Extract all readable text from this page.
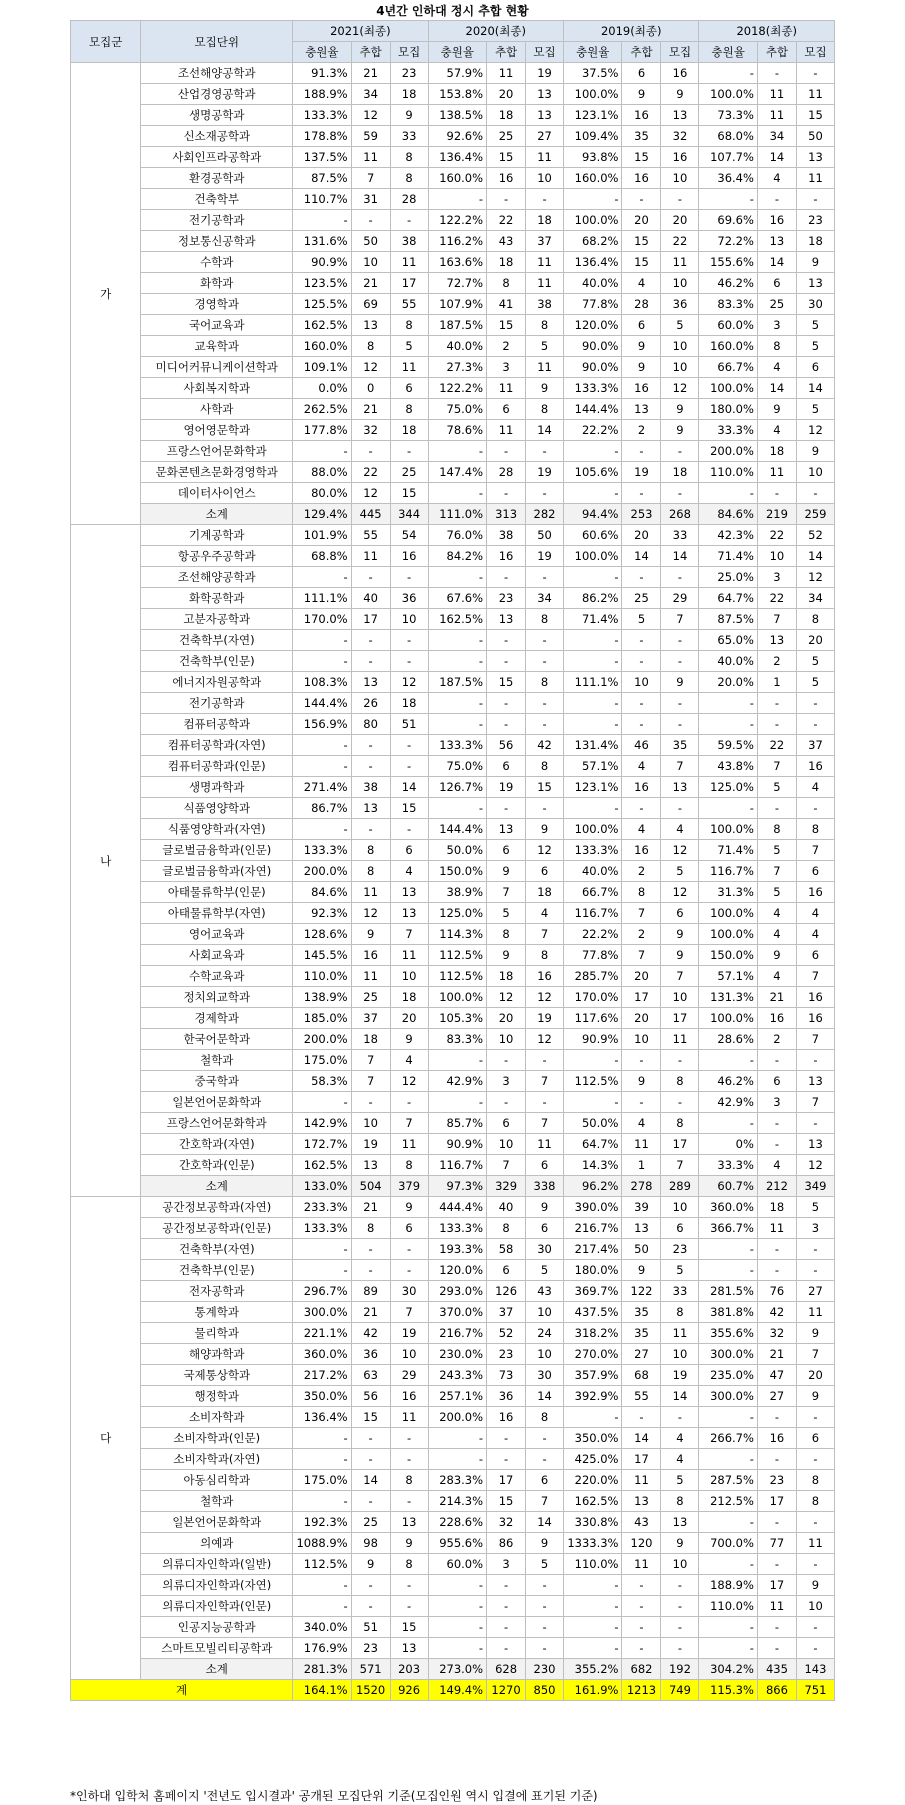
4년간 인하대 정시 추합 현황
모집군	모집단위	2021(최종)			2020(최종)			2019(최종)			2018(최종)		
		충원율	추합	모집	충원율	추합	모집	충원율	추합	모집	충원율	추합	모집
가	조선해양공학과	91.3%	21	23	57.9%	11	19	37.5%	6	16	-	-	-
	산업경영공학과	188.9%	34	18	153.8%	20	13	100.0%	9	9	100.0%	11	11
	생명공학과	133.3%	12	9	138.5%	18	13	123.1%	16	13	73.3%	11	15
	신소재공학과	178.8%	59	33	92.6%	25	27	109.4%	35	32	68.0%	34	50
	사회인프라공학과	137.5%	11	8	136.4%	15	11	93.8%	15	16	107.7%	14	13
	환경공학과	87.5%	7	8	160.0%	16	10	160.0%	16	10	36.4%	4	11
	건축학부	110.7%	31	28	-	-	-	-	-	-	-	-	-
	전기공학과	-	-	-	122.2%	22	18	100.0%	20	20	69.6%	16	23
	정보통신공학과	131.6%	50	38	116.2%	43	37	68.2%	15	22	72.2%	13	18
	수학과	90.9%	10	11	163.6%	18	11	136.4%	15	11	155.6%	14	9
	화학과	123.5%	21	17	72.7%	8	11	40.0%	4	10	46.2%	6	13
	경영학과	125.5%	69	55	107.9%	41	38	77.8%	28	36	83.3%	25	30
	국어교육과	162.5%	13	8	187.5%	15	8	120.0%	6	5	60.0%	3	5
	교육학과	160.0%	8	5	40.0%	2	5	90.0%	9	10	160.0%	8	5
	미디어커뮤니케이션학과	109.1%	12	11	27.3%	3	11	90.0%	9	10	66.7%	4	6
	사회복지학과	0.0%	0	6	122.2%	11	9	133.3%	16	12	100.0%	14	14
	사학과	262.5%	21	8	75.0%	6	8	144.4%	13	9	180.0%	9	5
	영어영문학과	177.8%	32	18	78.6%	11	14	22.2%	2	9	33.3%	4	12
	프랑스언어문화학과	-	-	-	-	-	-	-	-	-	200.0%	18	9
	문화콘텐츠문화경영학과	88.0%	22	25	147.4%	28	19	105.6%	19	18	110.0%	11	10
	데이터사이언스	80.0%	12	15	-	-	-	-	-	-	-	-	-
	소계	129.4%	445	344	111.0%	313	282	94.4%	253	268	84.6%	219	259
나	기계공학과	101.9%	55	54	76.0%	38	50	60.6%	20	33	42.3%	22	52
	항공우주공학과	68.8%	11	16	84.2%	16	19	100.0%	14	14	71.4%	10	14
	조선해양공학과	-	-	-	-	-	-	-	-	-	25.0%	3	12
	화학공학과	111.1%	40	36	67.6%	23	34	86.2%	25	29	64.7%	22	34
	고분자공학과	170.0%	17	10	162.5%	13	8	71.4%	5	7	87.5%	7	8
	건축학부(자연)	-	-	-	-	-	-	-	-	-	65.0%	13	20
	건축학부(인문)	-	-	-	-	-	-	-	-	-	40.0%	2	5
	에너지자원공학과	108.3%	13	12	187.5%	15	8	111.1%	10	9	20.0%	1	5
	전기공학과	144.4%	26	18	-	-	-	-	-	-	-	-	-
	컴퓨터공학과	156.9%	80	51	-	-	-	-	-	-	-	-	-
	컴퓨터공학과(자연)	-	-	-	133.3%	56	42	131.4%	46	35	59.5%	22	37
	컴퓨터공학과(인문)	-	-	-	75.0%	6	8	57.1%	4	7	43.8%	7	16
	생명과학과	271.4%	38	14	126.7%	19	15	123.1%	16	13	125.0%	5	4
	식품영양학과	86.7%	13	15	-	-	-	-	-	-	-	-	-
	식품영양학과(자연)	-	-	-	144.4%	13	9	100.0%	4	4	100.0%	8	8
	글로벌금융학과(인문)	133.3%	8	6	50.0%	6	12	133.3%	16	12	71.4%	5	7
	글로벌금융학과(자연)	200.0%	8	4	150.0%	9	6	40.0%	2	5	116.7%	7	6
	아태물류학부(인문)	84.6%	11	13	38.9%	7	18	66.7%	8	12	31.3%	5	16
	아태물류학부(자연)	92.3%	12	13	125.0%	5	4	116.7%	7	6	100.0%	4	4
	영어교육과	128.6%	9	7	114.3%	8	7	22.2%	2	9	100.0%	4	4
	사회교육과	145.5%	16	11	112.5%	9	8	77.8%	7	9	150.0%	9	6
	수학교육과	110.0%	11	10	112.5%	18	16	285.7%	20	7	57.1%	4	7
	정치외교학과	138.9%	25	18	100.0%	12	12	170.0%	17	10	131.3%	21	16
	경제학과	185.0%	37	20	105.3%	20	19	117.6%	20	17	100.0%	16	16
	한국어문학과	200.0%	18	9	83.3%	10	12	90.9%	10	11	28.6%	2	7
	철학과	175.0%	7	4	-	-	-	-	-	-	-	-	-
	중국학과	58.3%	7	12	42.9%	3	7	112.5%	9	8	46.2%	6	13
	일본언어문화학과	-	-	-	-	-	-	-	-	-	42.9%	3	7
	프랑스언어문화학과	142.9%	10	7	85.7%	6	7	50.0%	4	8	-	-	-
	간호학과(자연)	172.7%	19	11	90.9%	10	11	64.7%	11	17	0%	-	13
	간호학과(인문)	162.5%	13	8	116.7%	7	6	14.3%	1	7	33.3%	4	12
	소계	133.0%	504	379	97.3%	329	338	96.2%	278	289	60.7%	212	349
다	공간정보공학과(자연)	233.3%	21	9	444.4%	40	9	390.0%	39	10	360.0%	18	5
	공간정보공학과(인문)	133.3%	8	6	133.3%	8	6	216.7%	13	6	366.7%	11	3
	건축학부(자연)	-	-	-	193.3%	58	30	217.4%	50	23	-	-	-
	건축학부(인문)	-	-	-	120.0%	6	5	180.0%	9	5	-	-	-
	전자공학과	296.7%	89	30	293.0%	126	43	369.7%	122	33	281.5%	76	27
	통계학과	300.0%	21	7	370.0%	37	10	437.5%	35	8	381.8%	42	11
	물리학과	221.1%	42	19	216.7%	52	24	318.2%	35	11	355.6%	32	9
	해양과학과	360.0%	36	10	230.0%	23	10	270.0%	27	10	300.0%	21	7
	국제통상학과	217.2%	63	29	243.3%	73	30	357.9%	68	19	235.0%	47	20
	행정학과	350.0%	56	16	257.1%	36	14	392.9%	55	14	300.0%	27	9
	소비자학과	136.4%	15	11	200.0%	16	8	-	-	-	-	-	-
	소비자학과(인문)	-	-	-	-	-	-	350.0%	14	4	266.7%	16	6
	소비자학과(자연)	-	-	-	-	-	-	425.0%	17	4	-	-	-
	아동심리학과	175.0%	14	8	283.3%	17	6	220.0%	11	5	287.5%	23	8
	철학과	-	-	-	214.3%	15	7	162.5%	13	8	212.5%	17	8
	일본언어문화학과	192.3%	25	13	228.6%	32	14	330.8%	43	13	-	-	-
	의예과	1088.9%	98	9	955.6%	86	9	1333.3%	120	9	700.0%	77	11
	의류디자인학과(일반)	112.5%	9	8	60.0%	3	5	110.0%	11	10	-	-	-
	의류디자인학과(자연)	-	-	-	-	-	-	-	-	-	188.9%	17	9
	의류디자인학과(인문)	-	-	-	-	-	-	-	-	-	110.0%	11	10
	인공지능공학과	340.0%	51	15	-	-	-	-	-	-	-	-	-
	스마트모빌리티공학과	176.9%	23	13	-	-	-	-	-	-	-	-	-
	소계	281.3%	571	203	273.0%	628	230	355.2%	682	192	304.2%	435	143
계		164.1%	1520	926	149.4%	1270	850	161.9%	1213	749	115.3%	866	751
*인하대 입학처 홈페이지 '전년도 입시결과' 공개된 모집단위 기준(모집인원 역시 입결에 표기된 기준)
